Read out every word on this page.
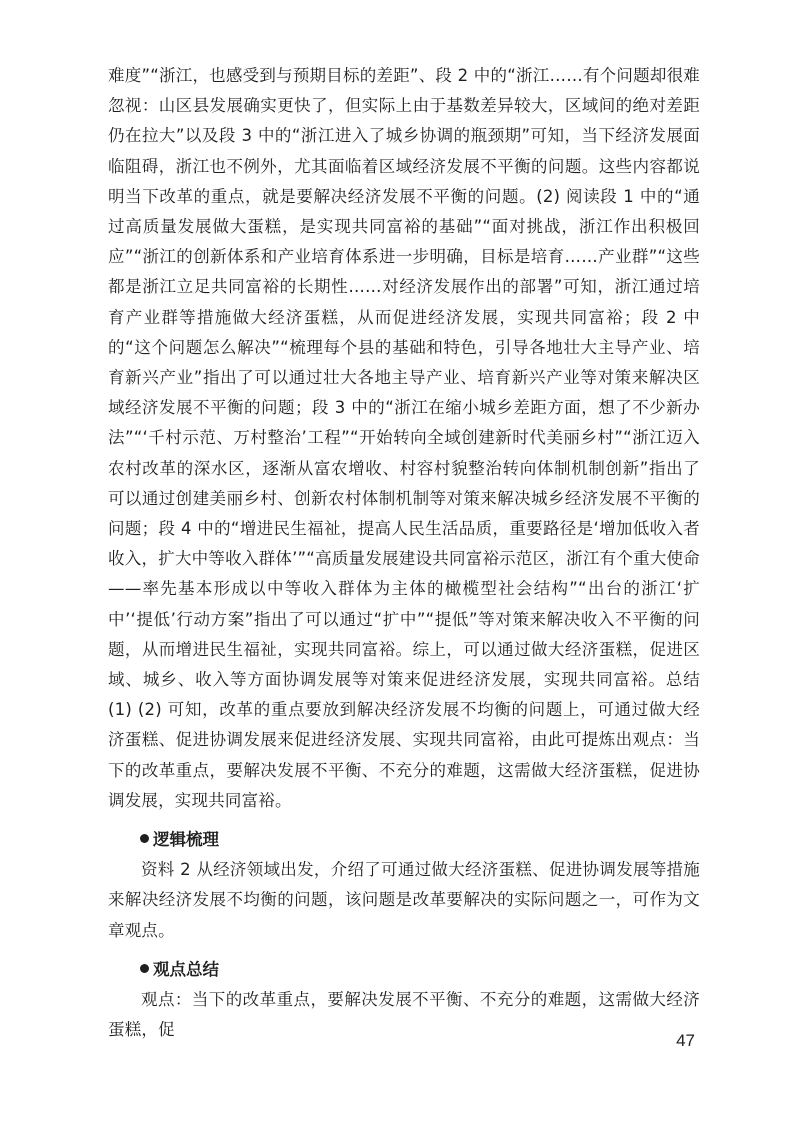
难度”“浙江，也感受到与预期目标的差距”、段 2 中的“浙江……有个问题却很难忽视：山区县发展确实更快了，但实际上由于基数差异较大，区域间的绝对差距仍在拉大”以及段 3 中的“浙江进入了城乡协调的瓶颈期”可知，当下经济发展面临阻碍，浙江也不例外，尤其面临着区域经济发展不平衡的问题。这些内容都说明当下改革的重点，就是要解决经济发展不平衡的问题。(2) 阅读段 1 中的“通过高质量发展做大蛋糕，是实现共同富裕的基础”“面对挑战，浙江作出积极回应”“浙江的创新体系和产业培育体系进一步明确，目标是培育……产业群”“这些都是浙江立足共同富裕的长期性……对经济发展作出的部署”可知，浙江通过培育产业群等措施做大经济蛋糕，从而促进经济发展，实现共同富裕；段 2 中的“这个问题怎么解决”“梳理每个县的基础和特色，引导各地壮大主导产业、培育新兴产业”指出了可以通过壮大各地主导产业、培育新兴产业等对策来解决区域经济发展不平衡的问题；段 3 中的“浙江在缩小城乡差距方面，想了不少新办法”“‘千村示范、万村整治’工程”“开始转向全域创建新时代美丽乡村”“浙江迈入农村改革的深水区，逐渐从富农增收、村容村貌整治转向体制机制创新”指出了可以通过创建美丽乡村、创新农村体制机制等对策来解决城乡经济发展不平衡的问题；段 4 中的“增进民生福祉，提高人民生活品质，重要路径是‘增加低收入者收入，扩大中等收入群体’”“高质量发展建设共同富裕示范区，浙江有个重大使命——率先基本形成以中等收入群体为主体的橄榄型社会结构”“出台的浙江‘扩中’‘提低’行动方案”指出了可以通过“扩中”“提低”等对策来解决收入不平衡的问题，从而增进民生福祉，实现共同富裕。综上，可以通过做大经济蛋糕，促进区域、城乡、收入等方面协调发展等对策来促进经济发展，实现共同富裕。总结 (1) (2) 可知，改革的重点要放到解决经济发展不均衡的问题上，可通过做大经济蛋糕、促进协调发展来促进经济发展、实现共同富裕，由此可提炼出观点：当下的改革重点，要解决发展不平衡、不充分的难题，这需做大经济蛋糕，促进协调发展，实现共同富裕。

逻辑梳理

资料 2 从经济领域出发，介绍了可通过做大经济蛋糕、促进协调发展等措施来解决经济发展不均衡的问题，该问题是改革要解决的实际问题之一，可作为文章观点。

观点总结

观点：当下的改革重点，要解决发展不平衡、不充分的难题，这需做大经济蛋糕，促

47
